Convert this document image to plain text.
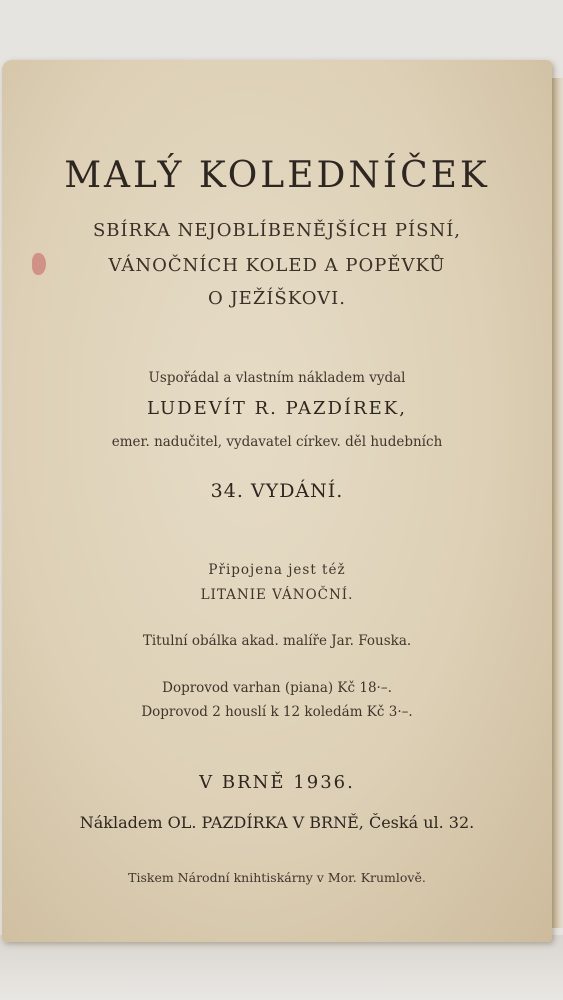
MALÝ KOLEDNÍČEK
SBÍRKA NEJOBLÍBENĚJŠÍCH PÍSNÍ,
VÁNOČNÍCH KOLED A POPĚVKŮ
O JEŽÍŠKOVI.
Uspořádal a vlastním nákladem vydal
LUDEVÍT R. PAZDÍREK,
emer. nadučitel, vydavatel církev. děl hudebních
34. VYDÁNÍ.
Připojena jest též
LITANIE VÁNOČNÍ.
Titulní obálka akad. malíře Jar. Fouska.
Doprovod varhan (piana) Kč 18·–.
Doprovod 2 houslí k 12 koledám Kč 3·–.
V BRNĚ 1936.
Nákladem OL. PAZDÍRKA V BRNĚ, Česká ul. 32.
Tiskem Národní knihtiskárny v Mor. Krumlově.
